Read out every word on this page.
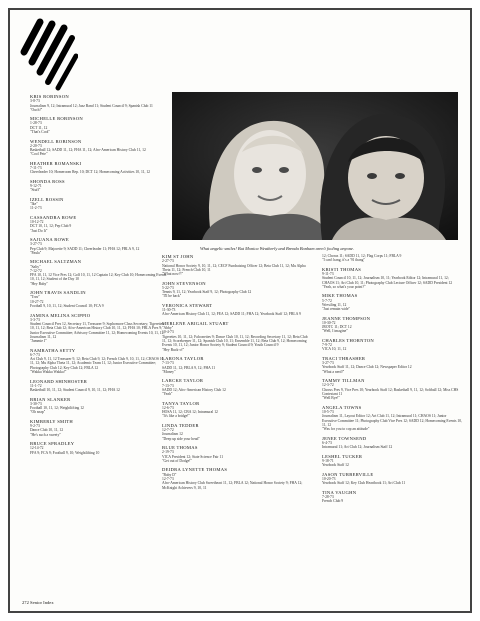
KRIS ROBINSON
3-8-73
Journalism 9, 12; Intramural 12; Jazz Band 11; Student Council 9; Spanish Club 11
"Ouch!"
MICHELLE ROBINSON
1-28-73
DCT 11, 12
"That's Cool"
WENDELL ROBINSON
2-20-73
Basketball 12; SADD 11, 12; FHA 11, 12; Afro-American History Club 11, 12
"Cool Pete"
HEATHER ROMANSKI
7-11-73
Cheerleader 10; Homeroom Rep. 10; DCT 12; Homecoming Activities 10, 11, 12
SHONDA ROSS
9-12-71
"Stuff"
IZELL ROSSIN
"Ike"
11-2-73
CASSANDRA ROWE
10-12-72
DCT 10, 11, 12; Pep Club 9
"Just Do It"
SAJUANA ROWE
3-27-73
Pep Club 9; Majorette 9; SADD 11; Cheerleader 11; FHA 12; FBLA 9, 12
"Paula"
MICHAEL SALTZMAN
"Salty"
7-12-72
FFA 10, 11, 12 Vice Pres 12; Golf 10, 11, 12 Captain 12; Key Club 10; Homecoming Events 10, 11, 12; Student of the Day 10
"Hey Baby"
JOHN TRAVIS SANDLIN
"Trav"
10-27-72
Football 9, 10, 11, 12; Student Council 10; FCA 9
JAMINA MELINA SCIPPIO
3-3-73
Student Council Pres 12, Secretary 11, Treasurer 9; Sophomore Class Secretary; Tigerettes 10, 11, 12; Beta Club 12; Afro-American History Club 10, 11, 12; FHA 10; FBLA Pres 9; Junior Executive Committee; Advisory Committee 11, 12; Homecoming Events 10, 11, 12; Journalism 11, 12
"Jammie J"
NAMRATHA SETTY
6-7-73
Art Club 9, 11, 12 Treasurer 9, 12; Beta Club 9, 12; French Club 9, 10, 11, 12; CHAOS 10, 11, 12; Mu Alpha Theta 11, 12; Academic Team 11, 12; Junior Executive Committee; Photography Club 12; Key Club 12; FBLA 12
"Wakka Wakka Wakka!"
LEONARD SHINHOSTER
11-1-72
Basketball 10, 11, 12; Student Council 9, 10, 11, 12; FHA 12
BRIAN SLANKER
3-30-73
Football 10, 11, 12; Weightlifting 12
"Oh snap"
KIMBERLY SMITH
9-2-73
Dance Club 10, 11, 12
"He's such a sweety"
BRUCE SPRADLEY
12-14-72
FFA 9; FCA 9; Football 9, 10; Weightlifting 10
What angelic smiles! But Monica Weatherly and Brenda Bonham aren't fooling anyone.
KIM ST JOHN
2-27-73
National Honor Society 9, 10, 11, 12; CECF Fundraising Officer 12; Beta Club 11, 12; Mu Alpha Theta 11, 12; French Club 10, 11
"What now?!"
JOHN STEVENSON
5-22-73
Tennis 9, 11, 12; Yearbook Staff 9, 12; Photography Club 12
"I'll be back"
VERONICA STEWART
11-30-73
Afro-American History Club 11, 12; FEA 12; SADD 11; FHA 12; Yearbook Staff 12; FBLA 9
MERLENE ABIGAIL STUART
"Abby"
10-4-73
Tigerettes 10, 11, 12; Falconettes 9; Dance Club 10, 11, 12; Recording Secretary 11, 12; Beta Club 11, 12; Scorekeeper 11, 12; Spanish Club 10, 11; Ensemble 11, 12; Beta Club 9, 12; Homecoming Events 10, 11, 12; Junior Honor Society 9; Student Council 9; Youth Council 9
"Hey Buck-o!"
LARONA TAYLOR
7-13-73
SADD 11, 12; FBLA 9, 12; FHA 11
"Money"
LARCKE TAYLOR
7-13-73
SADD 12; Afro-American History Club 12
"Yeah"
TANYA TAYLOR
12-6-73
HOSA 11, 12; CBA 12; Intramural 12
"It's like a bridge!"
LINDA TEDDER
12-7-72
Journalism 12
"Deep up side your head"
BLUE THOMAS
2-19-73
VICA President 12; State Science Fair 11
"Get out of Dodge!"
DEIDRA LYNETTE THOMAS
"Baby D"
12-7-73
Afro-American History Club Sweetheart 11, 12; FBLA 12; National Honor Society 9; FHA 12; McKnight Achievers 9, 10, 11
12; Chorus 11; SADD 11, 12; Flag Corps 11; FBLA 9
"I can't hang, it's a '91 thang"
KRISTI THOMAS
9-11-73
Student Council 10, 11, 12; Journalism 10, 11; Yearbook Editor 12; Intramural 11, 12; CHAOS 11; Art Club 10, 11; Photography Club Lecture Officer 12; SADD President 12
"Yeah, so what's your point?"
MIKE THOMAS
5-7-72
Wrestling 11, 12
"Just remain wide"
JEANNE THOMPSON
10-30-72
JROTC 11; DCT 12
"Well, I imagine"
CHARLES THORNTON
7-9-72
VICA 10, 11, 12
TRACI THRASHER
3-27-73
Yearbook Staff 11, 12; Dance Club 12; Newspaper Editor 12
"What a nerd!"
TAMMY TILLMAN
12-3-72
Chorus Pres 9, Vice Pres 10; Yearbook Staff 12; Basketball 9, 11, 12; Softball 12; Miss CHS Contestant 11
"Well Bye!"
ANGELA TOWNS
10-5-73
Journalism 11, Layout Editor 12; Art Club 11, 12; Intramural 11; CHAOS 11; Junior Executive Committee 11; Photography Club Vice Pres 12; SADD 12; Homecoming Events 10, 11, 12
"Was for you to cop an attitude"
JENEE TOWNSEND
6-4-73
Intramural 11; Art Club 12; Journalism Staff 12
LESHEL TUCKER
9-18-71
Yearbook Staff 12
JASON TURBERVILLE
10-20-73
Yearbook Staff 12; Key Club Heartbook 11; Art Club 11
TINA VAUGHN
7-28-73
French Club 9
272 Senior Index
